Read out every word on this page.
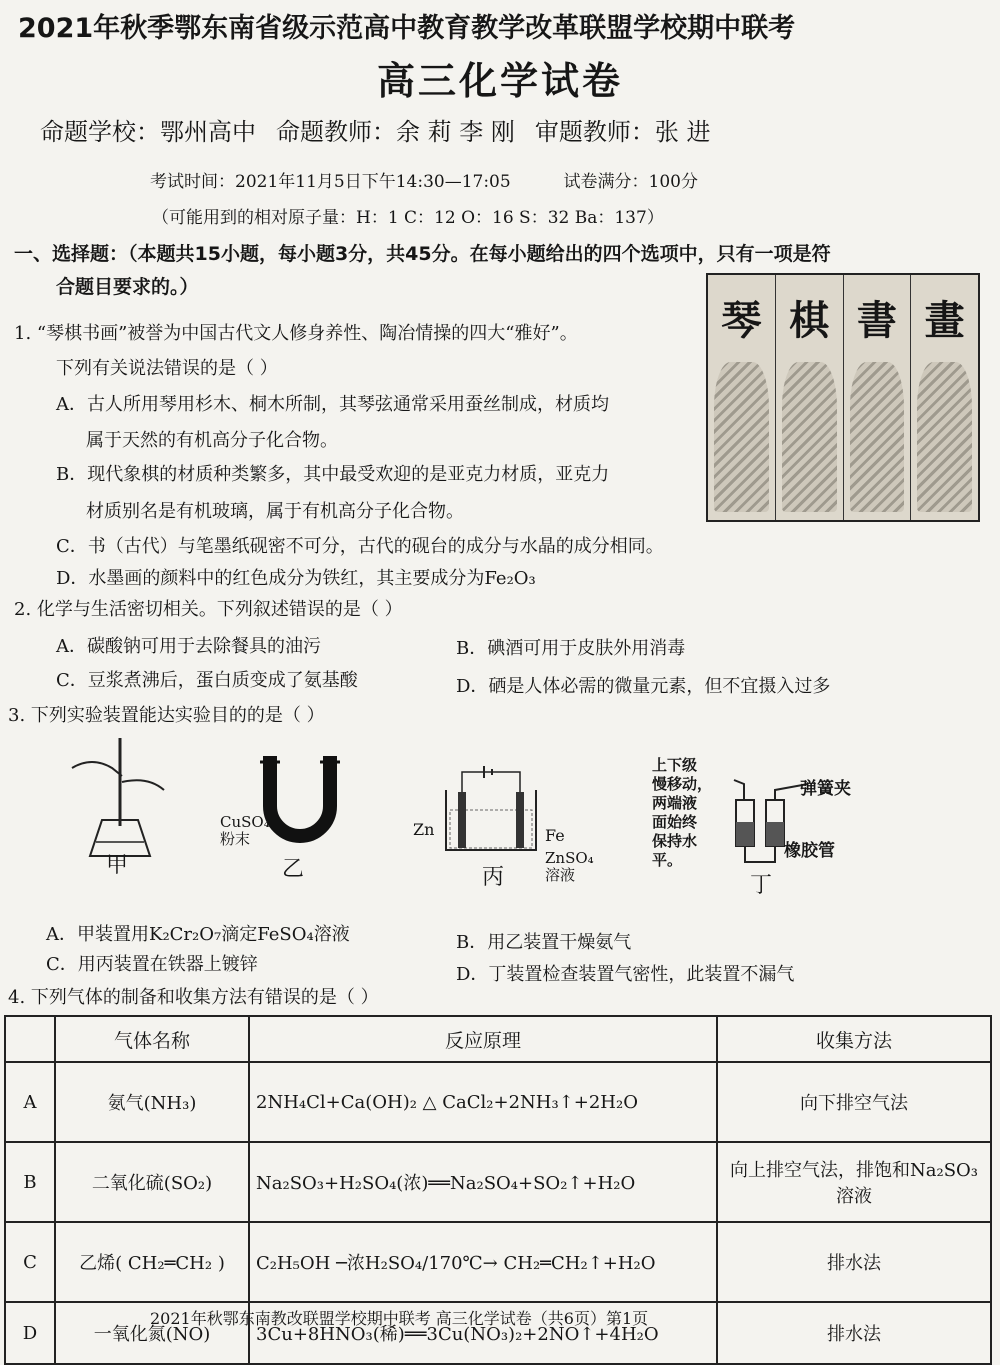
2021年秋季鄂东南省级示范高中教育教学改革联盟学校期中联考
高三化学试卷
命题学校：鄂州高中 命题教师：余 莉 李 刚 审题教师：张 进
考试时间：2021年11月5日下午14:30—17:05	试卷满分：100分
（可能用到的相对原子量：H：1 C：12 O：16 S：32 Ba：137）
一、选择题：（本题共15小题，每小题3分，共45分。在每小题给出的四个选项中，只有一项是符
合题目要求的。）
琴 棋 書 畫
1. “琴棋书画”被誉为中国古代文人修身养性、陶冶情操的四大“雅好”。
下列有关说法错误的是（ ）
A．古人所用琴用杉木、桐木所制，其琴弦通常采用蚕丝制成，材质均
属于天然的有机高分子化合物。
B．现代象棋的材质种类繁多，其中最受欢迎的是亚克力材质，亚克力
材质别名是有机玻璃，属于有机高分子化合物。
C．书（古代）与笔墨纸砚密不可分，古代的砚台的成分与水晶的成分相同。
D．水墨画的颜料中的红色成分为铁红，其主要成分为Fe₂O₃
2. 化学与生活密切相关。下列叙述错误的是（ ）
A．碳酸钠可用于去除餐具的油污	B．碘酒可用于皮肤外用消毒
C．豆浆煮沸后，蛋白质变成了氨基酸	D．硒是人体必需的微量元素，但不宜摄入过多
3. 下列实验装置能达实验目的的是（ ）
甲
CuSO₄
粉末
乙
Zn	Fe
ZnSO₄
溶液
丙
上下级
慢移动，
两端液
面始终
保持水
平。
弹簧夹
橡胶管
丁
A．甲装置用K₂Cr₂O₇滴定FeSO₄溶液	B．用乙装置干燥氨气
C．用丙装置在铁器上镀锌	D．丁装置检查装置气密性，此装置不漏气
4. 下列气体的制备和收集方法有错误的是（ ）
	气体名称	反应原理	收集方法
A	氨气(NH₃)	2NH₄Cl+Ca(OH)₂ △ CaCl₂+2NH₃↑+2H₂O	向下排空气法
B	二氧化硫(SO₂)	Na₂SO₃+H₂SO₄(浓)══Na₂SO₄+SO₂↑+H₂O	向上排空气法，排饱和Na₂SO₃溶液
C	乙烯( CH₂═CH₂ )	C₂H₅OH ─浓H₂SO₄/170℃→ CH₂═CH₂↑+H₂O	排水法
D	一氧化氮(NO)	3Cu+8HNO₃(稀)══3Cu(NO₃)₂+2NO↑+4H₂O	排水法
2021年秋鄂东南教改联盟学校期中联考 高三化学试卷（共6页）第1页
